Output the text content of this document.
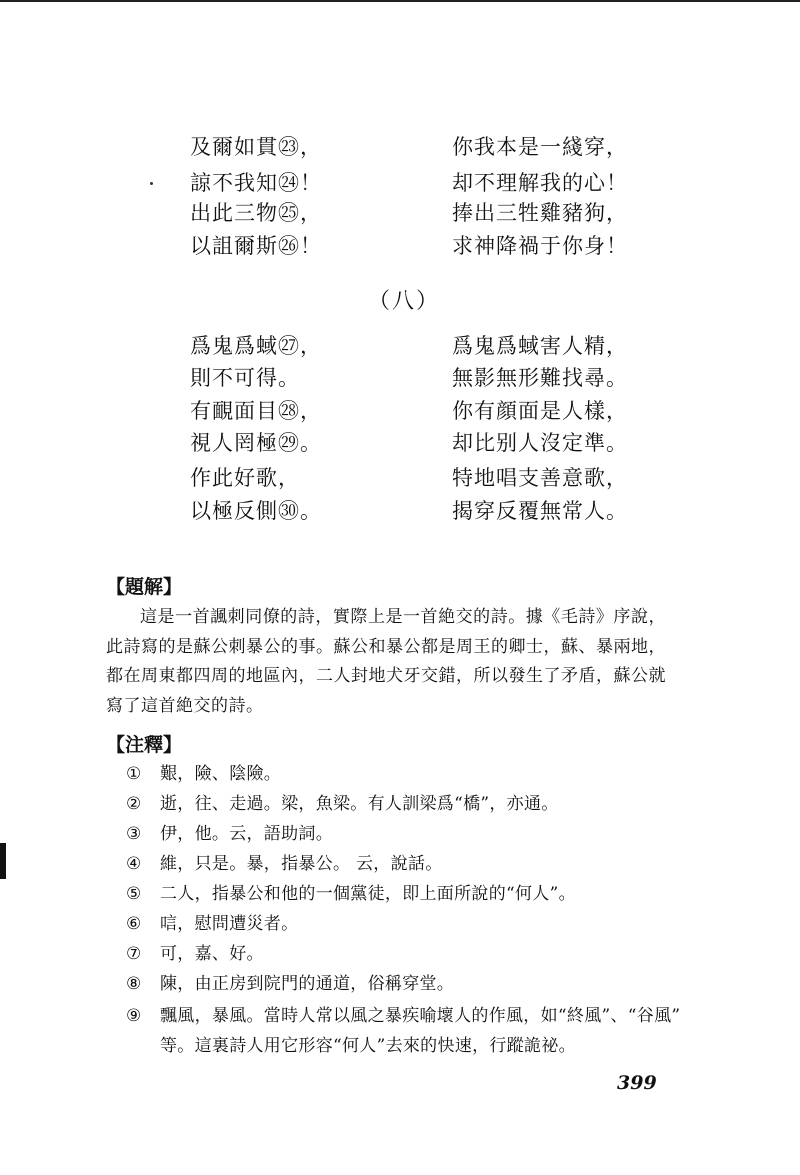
及爾如貫㉓，
諒不我知㉔！
出此三物㉕，
以詛爾斯㉖！
你我本是一綫穿，
却不理解我的心！
捧出三牲雞豬狗，
求神降禍于你身！
（八）
爲鬼爲蜮㉗，
則不可得。
有靦面目㉘，
視人罔極㉙。
作此好歌，
以極反側㉚。
爲鬼爲蜮害人精，
無影無形難找尋。
你有顔面是人樣，
却比别人沒定準。
特地唱支善意歌，
揭穿反覆無常人。
【題解】
這是一首諷刺同僚的詩，實際上是一首絶交的詩。據《毛詩》序說，此詩寫的是蘇公刺暴公的事。蘇公和暴公都是周王的卿士，蘇、暴兩地，都在周東都四周的地區內，二人封地犬牙交錯，所以發生了矛盾，蘇公就寫了這首絶交的詩。
【注釋】
① 艱，險、陰險。
② 逝，往、走過。梁，魚梁。有人訓梁爲“橋”，亦通。
③ 伊，他。云，語助詞。
④ 維，只是。暴，指暴公。 云，說話。
⑤ 二人，指暴公和他的一個黨徒，即上面所說的“何人”。
⑥ 唁，慰問遭災者。
⑦ 可，嘉、好。
⑧ 陳，由正房到院門的通道，俗稱穿堂。
⑨ 飄風，暴風。當時人常以風之暴疾喻壞人的作風，如“終風”、“谷風”
等。這裏詩人用它形容“何人”去來的快速，行蹤詭祕。
399
